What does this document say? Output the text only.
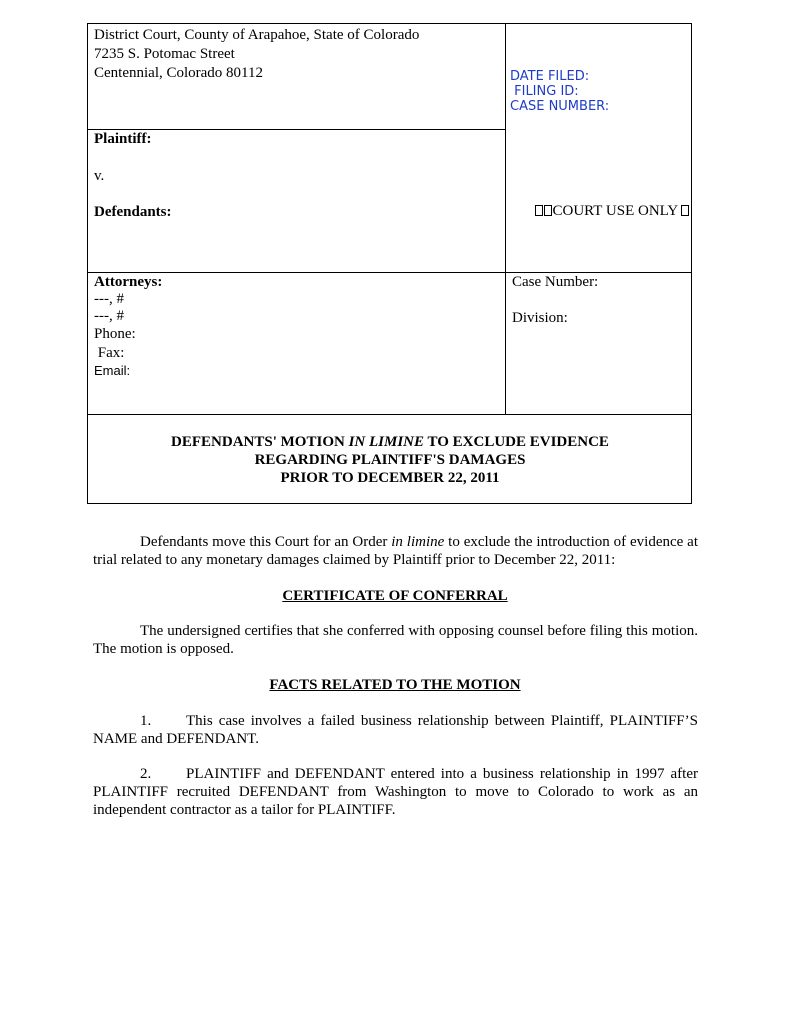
District Court, County of Arapahoe, State of Colorado
7235 S. Potomac Street
Centennial, Colorado 80112	DATE FILED:
FILING ID:
CASE NUMBER:
Plaintiff:
v.
Defendants:	COURT USE ONLY

Attorneys:
---, #
---, #
Phone:
Fax:
Email:
Case Number:
Division:
DEFENDANTS' MOTION IN LIMINE TO EXCLUDE EVIDENCE
REGARDING PLAINTIFF'S DAMAGES
PRIOR TO DECEMBER 22, 2011
Defendants move this Court for an Order in limine to exclude the introduction of evidence at trial related to any monetary damages claimed by Plaintiff prior to December 22, 2011:
CERTIFICATE OF CONFERRAL
The undersigned certifies that she conferred with opposing counsel before filing this motion. The motion is opposed.
FACTS RELATED TO THE MOTION
1. This case involves a failed business relationship between Plaintiff, PLAINTIFF’S NAME and DEFENDANT.
2. PLAINTIFF and DEFENDANT entered into a business relationship in 1997 after PLAINTIFF recruited DEFENDANT from Washington to move to Colorado to work as an independent contractor as a tailor for PLAINTIFF.
